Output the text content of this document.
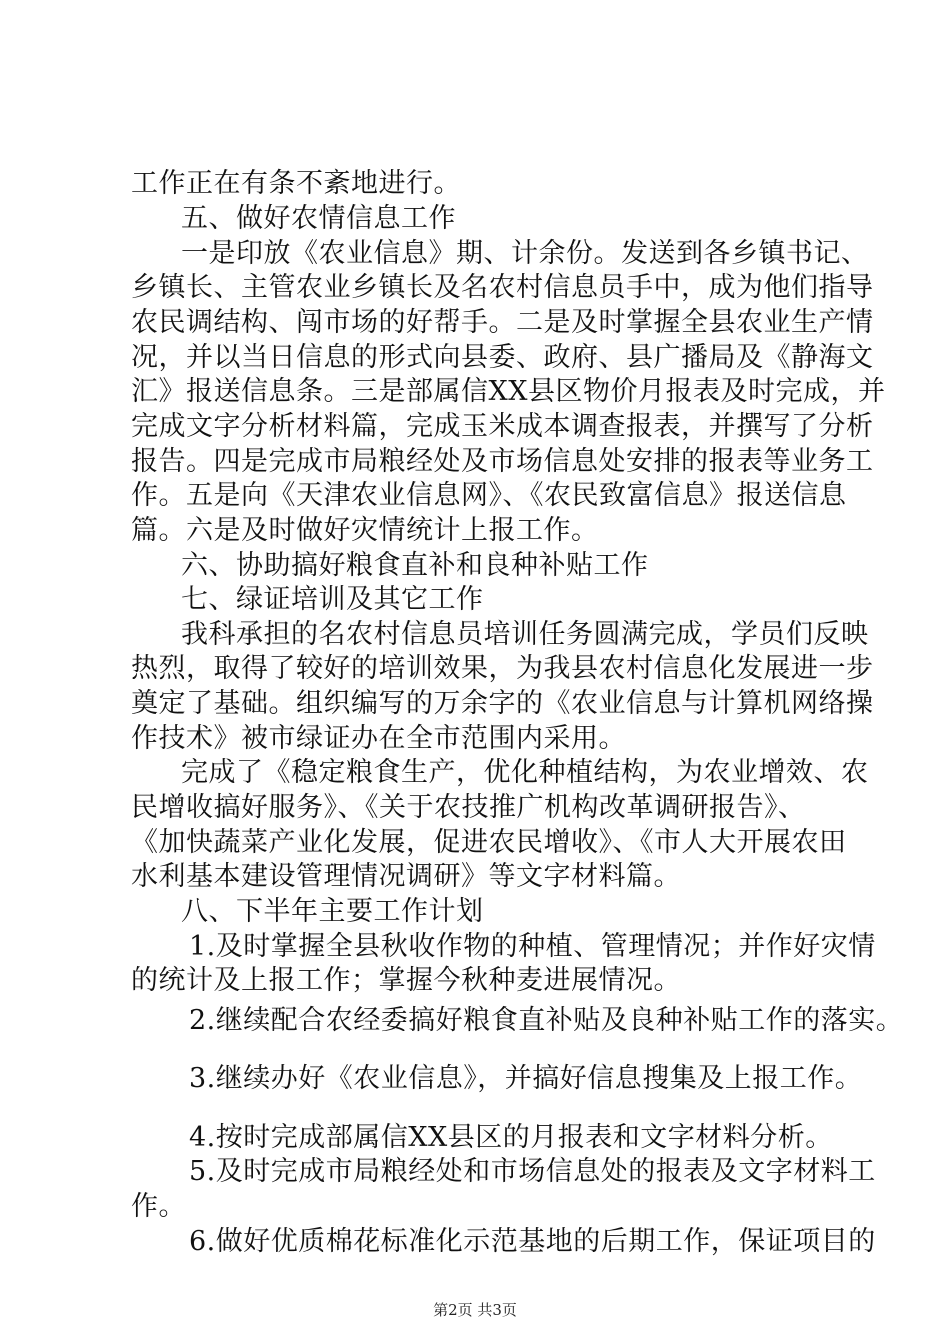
工作正在有条不紊地进行。
五、做好农情信息工作
一是印放《农业信息》期、计余份。发送到各乡镇书记、
乡镇长、主管农业乡镇长及名农村信息员手中，成为他们指导
农民调结构、闯市场的好帮手。二是及时掌握全县农业生产情
况，并以当日信息的形式向县委、政府、县广播局及《静海文
汇》报送信息条。三是部属信XX县区物价月报表及时完成，并
完成文字分析材料篇，完成玉米成本调查报表，并撰写了分析
报告。四是完成市局粮经处及市场信息处安排的报表等业务工
作。五是向《天津农业信息网》、《农民致富信息》报送信息
篇。六是及时做好灾情统计上报工作。
六、协助搞好粮食直补和良种补贴工作
七、绿证培训及其它工作
我科承担的名农村信息员培训任务圆满完成，学员们反映
热烈，取得了较好的培训效果，为我县农村信息化发展进一步
奠定了基础。组织编写的万余字的《农业信息与计算机网络操
作技术》被市绿证办在全市范围内采用。
完成了《稳定粮食生产，优化种植结构，为农业增效、农
民增收搞好服务》、《关于农技推广机构改革调研报告》、
《加快蔬菜产业化发展，促进农民增收》、《市人大开展农田
水利基本建设管理情况调研》等文字材料篇。
八、下半年主要工作计划
1.及时掌握全县秋收作物的种植、管理情况；并作好灾情
的统计及上报工作；掌握今秋种麦进展情况。
2.继续配合农经委搞好粮食直补贴及良种补贴工作的落实。
3.继续办好《农业信息》，并搞好信息搜集及上报工作。
4.按时完成部属信XX县区的月报表和文字材料分析。
5.及时完成市局粮经处和市场信息处的报表及文字材料工
作。
6.做好优质棉花标准化示范基地的后期工作，保证项目的
第2页 共3页
